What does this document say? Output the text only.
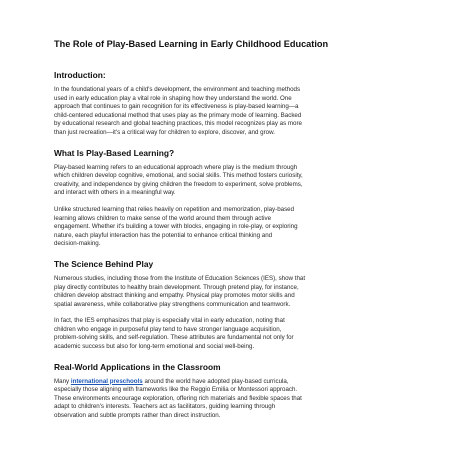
The Role of Play-Based Learning in Early Childhood Education
Introduction:
In the foundational years of a child's development, the environment and teaching methods
used in early education play a vital role in shaping how they understand the world. One
approach that continues to gain recognition for its effectiveness is play-based learning—a
child-centered educational method that uses play as the primary mode of learning. Backed
by educational research and global teaching practices, this model recognizes play as more
than just recreation—it's a critical way for children to explore, discover, and grow.
What Is Play-Based Learning?
Play-based learning refers to an educational approach where play is the medium through
which children develop cognitive, emotional, and social skills. This method fosters curiosity,
creativity, and independence by giving children the freedom to experiment, solve problems,
and interact with others in a meaningful way.
Unlike structured learning that relies heavily on repetition and memorization, play-based
learning allows children to make sense of the world around them through active
engagement. Whether it's building a tower with blocks, engaging in role-play, or exploring
nature, each playful interaction has the potential to enhance critical thinking and
decision-making.
The Science Behind Play
Numerous studies, including those from the Institute of Education Sciences (IES), show that
play directly contributes to healthy brain development. Through pretend play, for instance,
children develop abstract thinking and empathy. Physical play promotes motor skills and
spatial awareness, while collaborative play strengthens communication and teamwork.
In fact, the IES emphasizes that play is especially vital in early education, noting that
children who engage in purposeful play tend to have stronger language acquisition,
problem-solving skills, and self-regulation. These attributes are fundamental not only for
academic success but also for long-term emotional and social well-being.
Real-World Applications in the Classroom
Many international preschools around the world have adopted play-based curricula,
especially those aligning with frameworks like the Reggio Emilia or Montessori approach.
These environments encourage exploration, offering rich materials and flexible spaces that
adapt to children's interests. Teachers act as facilitators, guiding learning through
observation and subtle prompts rather than direct instruction.
